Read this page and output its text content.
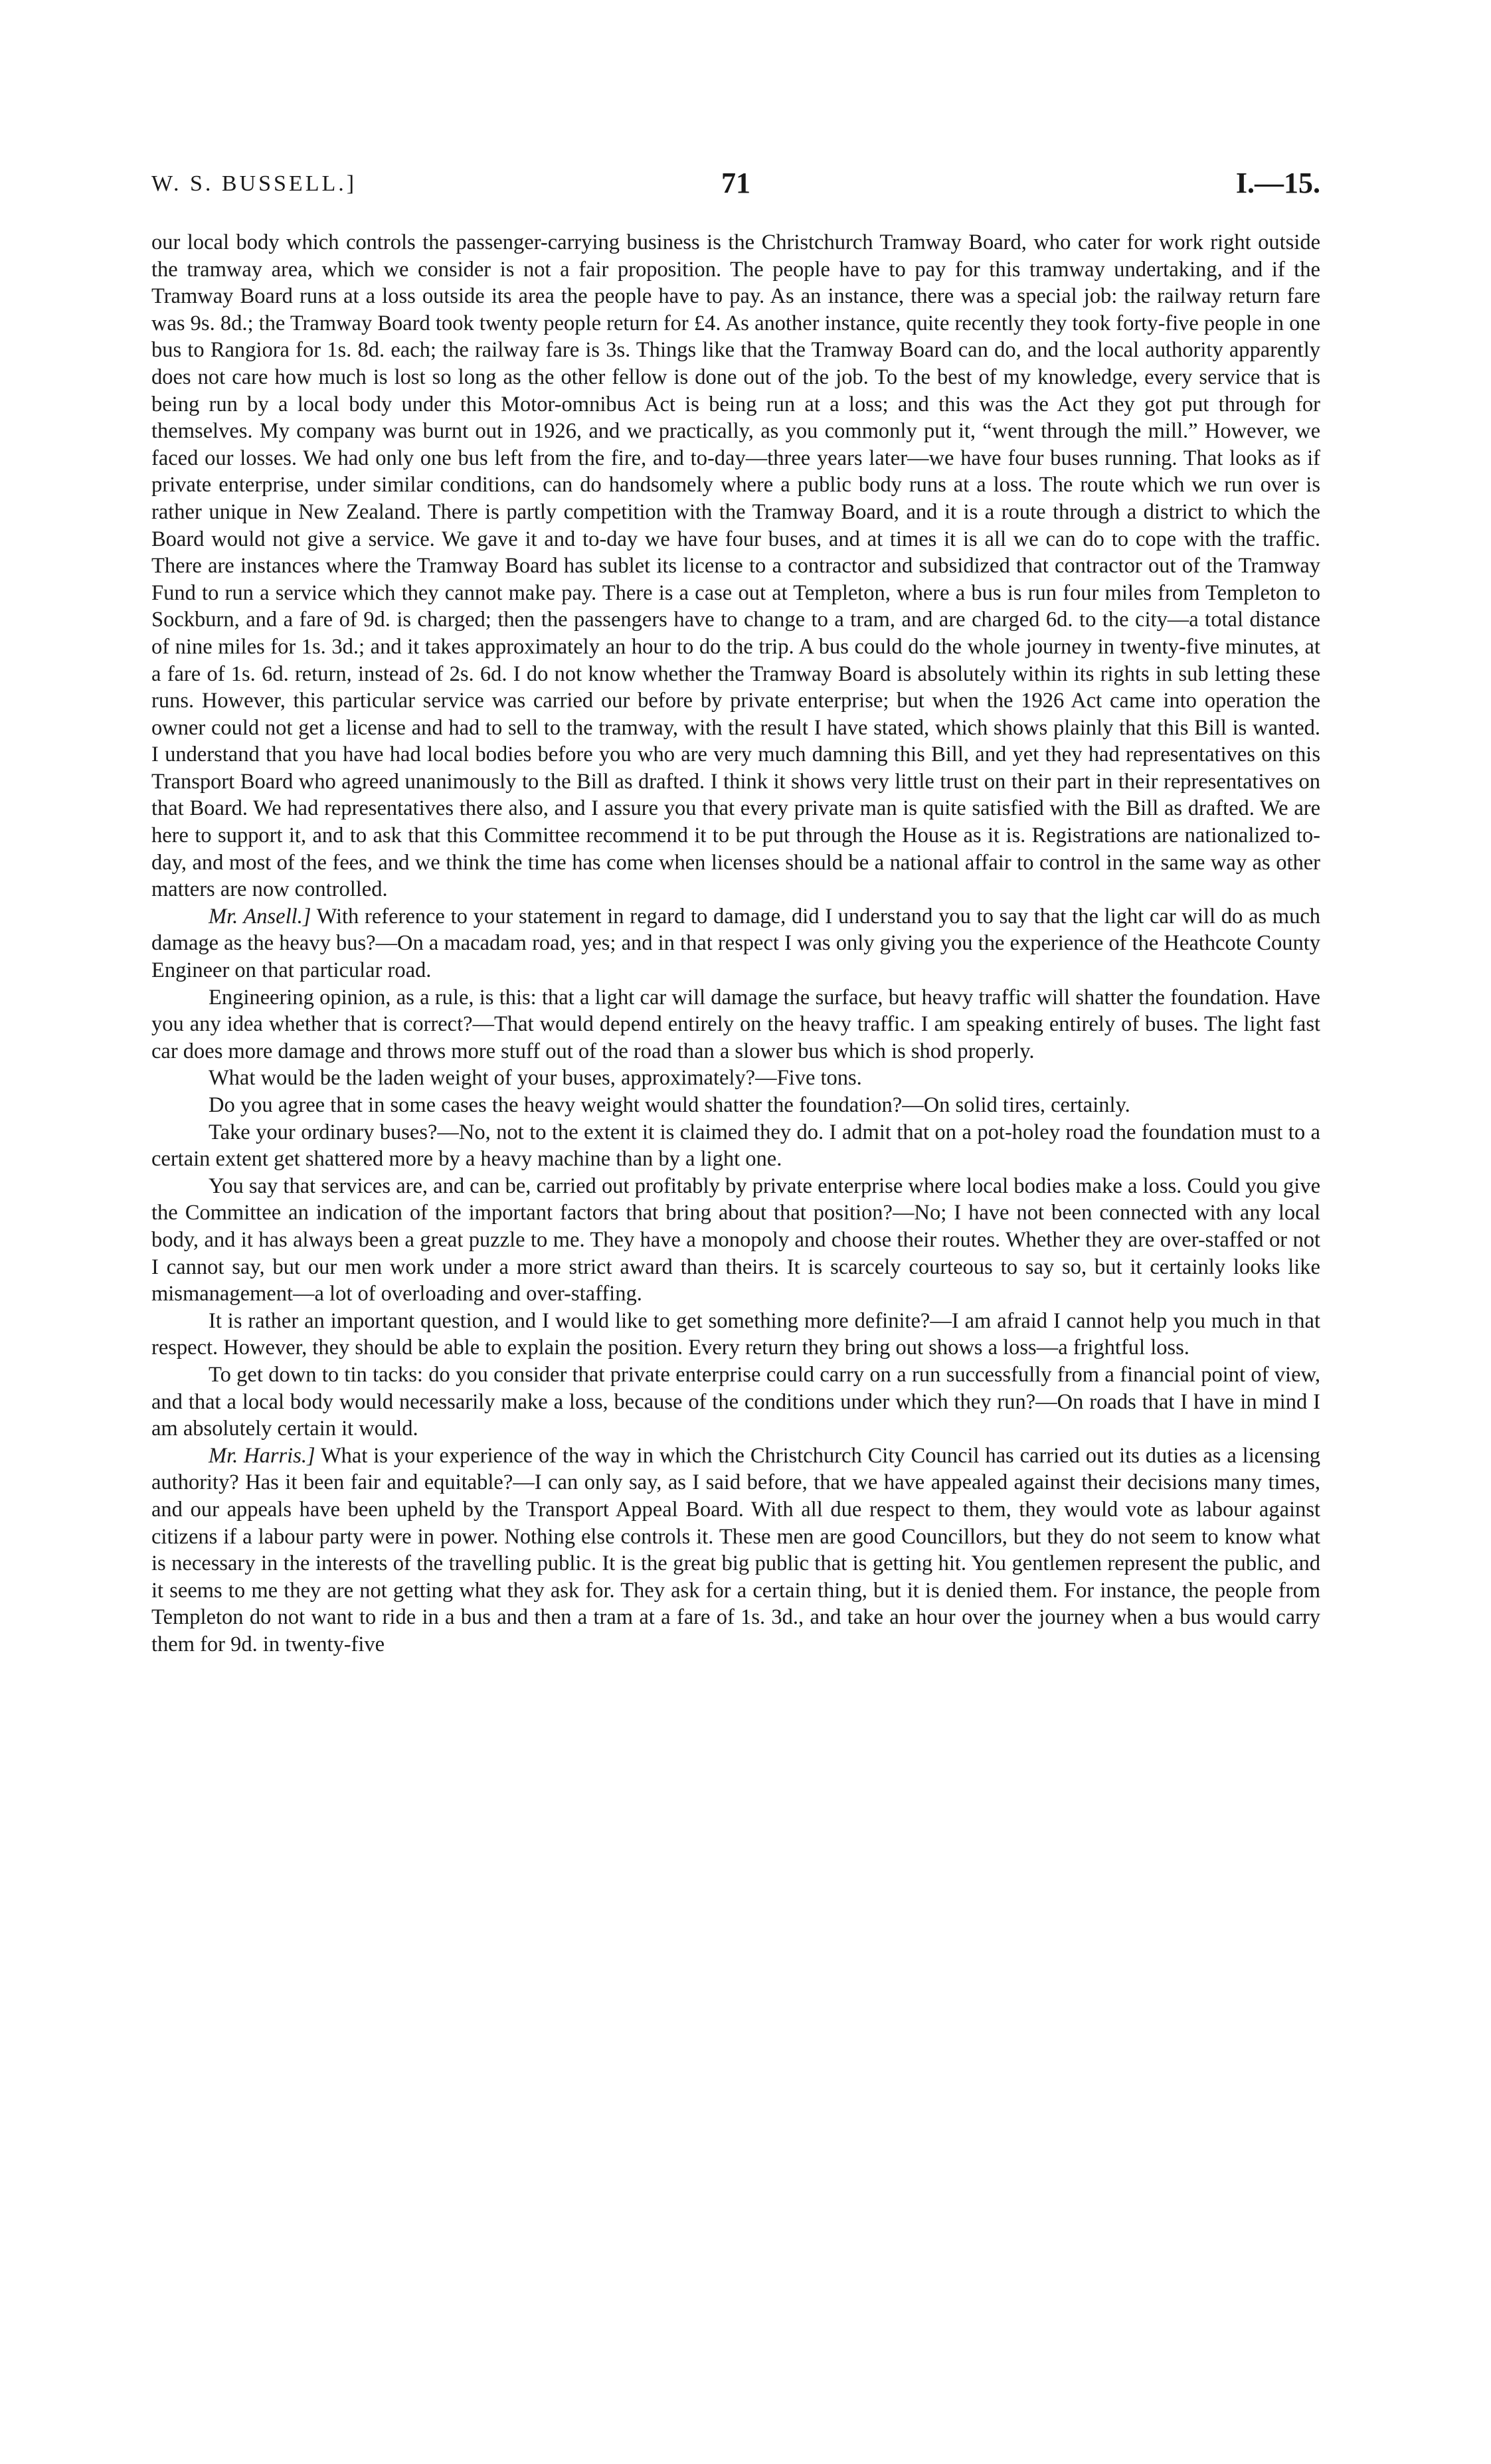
W. S. BUSSELL.]	71	I.—15.

our local body which controls the passenger-carrying business is the Christchurch Tramway Board, who cater for work right outside the tramway area, which we consider is not a fair proposition. The people have to pay for this tramway undertaking, and if the Tramway Board runs at a loss outside its area the people have to pay. As an instance, there was a special job: the railway return fare was 9s. 8d.; the Tramway Board took twenty people return for £4. As another instance, quite recently they took forty-five people in one bus to Rangiora for 1s. 8d. each; the railway fare is 3s. Things like that the Tramway Board can do, and the local authority apparently does not care how much is lost so long as the other fellow is done out of the job. To the best of my knowledge, every service that is being run by a local body under this Motor-omnibus Act is being run at a loss; and this was the Act they got put through for themselves. My company was burnt out in 1926, and we practically, as you commonly put it, “went through the mill.” However, we faced our losses. We had only one bus left from the fire, and to-day—three years later—we have four buses running. That looks as if private enterprise, under similar conditions, can do handsomely where a public body runs at a loss. The route which we run over is rather unique in New Zealand. There is partly competition with the Tramway Board, and it is a route through a district to which the Board would not give a service. We gave it and to-day we have four buses, and at times it is all we can do to cope with the traffic. There are instances where the Tramway Board has sublet its license to a contractor and subsidized that contractor out of the Tramway Fund to run a service which they cannot make pay. There is a case out at Templeton, where a bus is run four miles from Templeton to Sockburn, and a fare of 9d. is charged; then the passengers have to change to a tram, and are charged 6d. to the city—a total distance of nine miles for 1s. 3d.; and it takes approximately an hour to do the trip. A bus could do the whole journey in twenty-five minutes, at a fare of 1s. 6d. return, instead of 2s. 6d. I do not know whether the Tramway Board is absolutely within its rights in sub letting these runs. However, this particular service was carried our before by private enterprise; but when the 1926 Act came into operation the owner could not get a license and had to sell to the tramway, with the result I have stated, which shows plainly that this Bill is wanted. I understand that you have had local bodies before you who are very much damning this Bill, and yet they had representatives on this Transport Board who agreed unanimously to the Bill as drafted. I think it shows very little trust on their part in their representatives on that Board. We had representatives there also, and I assure you that every private man is quite satisfied with the Bill as drafted. We are here to support it, and to ask that this Committee recommend it to be put through the House as it is. Registrations are nationalized to-day, and most of the fees, and we think the time has come when licenses should be a national affair to control in the same way as other matters are now controlled.

Mr. Ansell.] With reference to your statement in regard to damage, did I understand you to say that the light car will do as much damage as the heavy bus?—On a macadam road, yes; and in that respect I was only giving you the experience of the Heathcote County Engineer on that particular road.

Engineering opinion, as a rule, is this: that a light car will damage the surface, but heavy traffic will shatter the foundation. Have you any idea whether that is correct?—That would depend entirely on the heavy traffic. I am speaking entirely of buses. The light fast car does more damage and throws more stuff out of the road than a slower bus which is shod properly.

What would be the laden weight of your buses, approximately?—Five tons.

Do you agree that in some cases the heavy weight would shatter the foundation?—On solid tires, certainly.

Take your ordinary buses?—No, not to the extent it is claimed they do. I admit that on a pot-holey road the foundation must to a certain extent get shattered more by a heavy machine than by a light one.

You say that services are, and can be, carried out profitably by private enterprise where local bodies make a loss. Could you give the Committee an indication of the important factors that bring about that position?—No; I have not been connected with any local body, and it has always been a great puzzle to me. They have a monopoly and choose their routes. Whether they are over-staffed or not I cannot say, but our men work under a more strict award than theirs. It is scarcely courteous to say so, but it certainly looks like mismanagement—a lot of overloading and over-staffing.

It is rather an important question, and I would like to get something more definite?—I am afraid I cannot help you much in that respect. However, they should be able to explain the position. Every return they bring out shows a loss—a frightful loss.

To get down to tin tacks: do you consider that private enterprise could carry on a run successfully from a financial point of view, and that a local body would necessarily make a loss, because of the conditions under which they run?—On roads that I have in mind I am absolutely certain it would.

Mr. Harris.] What is your experience of the way in which the Christchurch City Council has carried out its duties as a licensing authority? Has it been fair and equitable?—I can only say, as I said before, that we have appealed against their decisions many times, and our appeals have been upheld by the Transport Appeal Board. With all due respect to them, they would vote as labour against citizens if a labour party were in power. Nothing else controls it. These men are good Councillors, but they do not seem to know what is necessary in the interests of the travelling public. It is the great big public that is getting hit. You gentlemen represent the public, and it seems to me they are not getting what they ask for. They ask for a certain thing, but it is denied them. For instance, the people from Templeton do not want to ride in a bus and then a tram at a fare of 1s. 3d., and take an hour over the journey when a bus would carry them for 9d. in twenty-five
